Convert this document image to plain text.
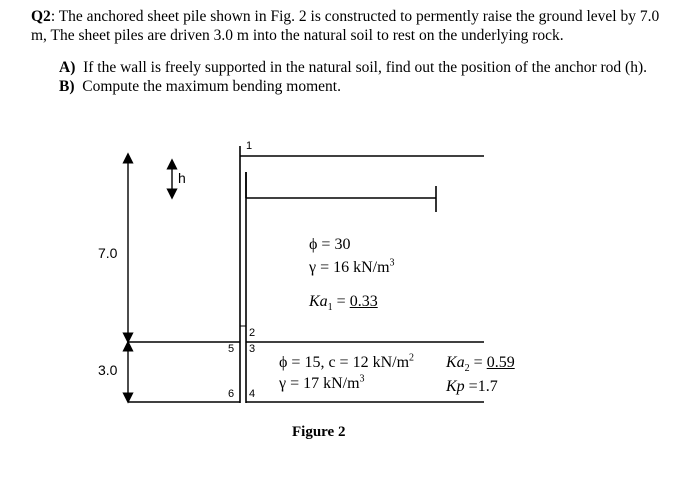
Q2: The anchored sheet pile shown in Fig. 2 is constructed to permently raise the ground level by 7.0 m, The sheet piles are driven 3.0 m into the natural soil to rest on the underlying rock.
A) If the wall is freely supported in the natural soil, find out the position of the anchor rod (h).
B) Compute the maximum bending moment.
7.0
3.0
h
1
2
3
4
5
6
ϕ = 30
γ = 16 $kN/m^3$
$Ka_1 = 0.33$
ϕ = 15, c = 12 $kN/m^2$
γ = 17 $kN/m^3$
$Ka_2 = 0.59$
Kp =1.7
Figure 2
